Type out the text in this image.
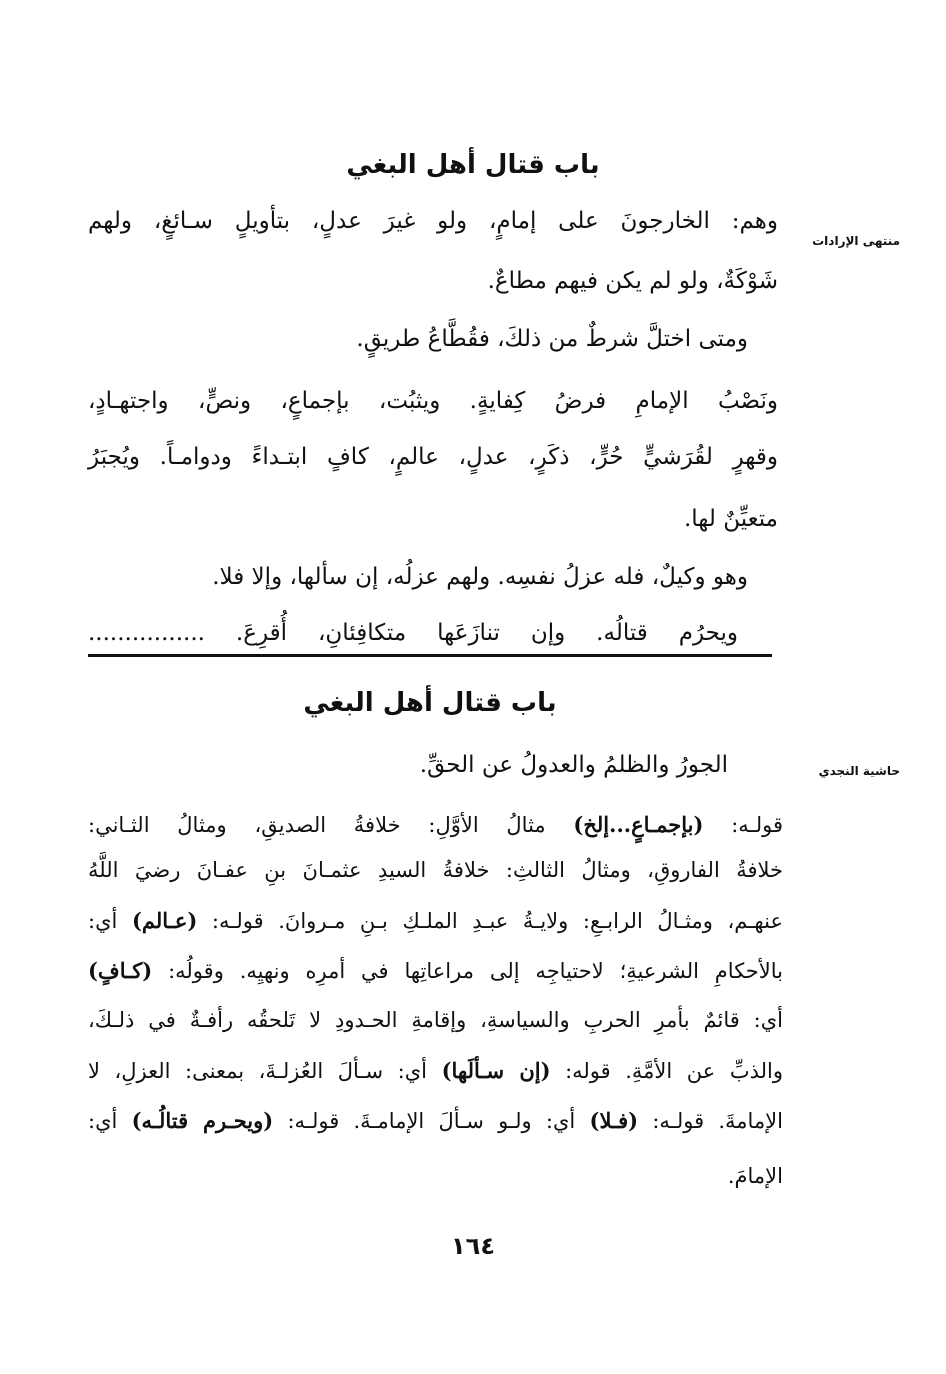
باب قتال أهل البغي
منتهى الإرادات
وهم: الخارجونَ على إمامٍ، ولو غيرَ عدلٍ، بتأويلٍ سـائغٍ، ولهم
شَوْكَةٌ، ولو لم يكن فيهم مطاعٌ.
ومتى اختلَّ شرطٌ من ذلكَ، فقُطَّاعُ طريقٍ.
ونَصْبُ الإمامِ فرضُ كِفايةٍ. ويثبُت، بإجماعٍ، ونصٍّ، واجتهـادٍ،
وقهرٍ لقُرَشيٍّ حُرٍّ، ذكَرٍ، عدلٍ، عالمٍ، كافٍ ابتـداءً ودوامـاً. ويُجبَرُ
متعيِّنٌ لها.
وهو وكيلٌ، فله عزلُ نفسِه. ولهم عزلُه، إن سألها، وإلا فلا.
ويحرُم قتالُه. وإن تنازَعَها متكافِئانِ، أُقرِعَ. ................
باب قتال أهل البغي
حاشية النجدي
الجورُ والظلمُ والعدولُ عن الحقِّ.
قولـه: (بإجمـاعٍ...إلخ) مثالُ الأوَّلِ: خلافةُ الصديقِ، ومثالُ الثـاني:
خلافةُ الفاروقِ، ومثالُ الثالثِ: خلافةُ السيدِ عثمـانَ بنِ عفـانَ رضيَ اللَّهُ
عنهـم، ومثـالُ الرابـعِ: ولايـةُ عبـدِ الملـكِ بـنِ مـروانَ. قولـه: (عـالم) أي:
بالأحكامِ الشرعيةِ؛ لاحتياجِه إلى مراعاتِها في أمرِه ونهيِه. وقولُه: (كـافٍ)
أي: قائمٌ بأمرِ الحربِ والسياسةِ، وإقامةِ الحـدودِ لا تَلحقُه رأفـةٌ في ذلـكَ،
والذبِّ عن الأمَّةِ. قوله: (إن سـألَها) أي: سـألَ العُزلـةَ، بمعنى: العزلِ، لا
الإمامةَ. قولـه: (فـلا) أي: ولـو سـألَ الإمامـةَ. قولـه: (ويحـرم قتالُـه) أي:
الإمامَ.
١٦٤
